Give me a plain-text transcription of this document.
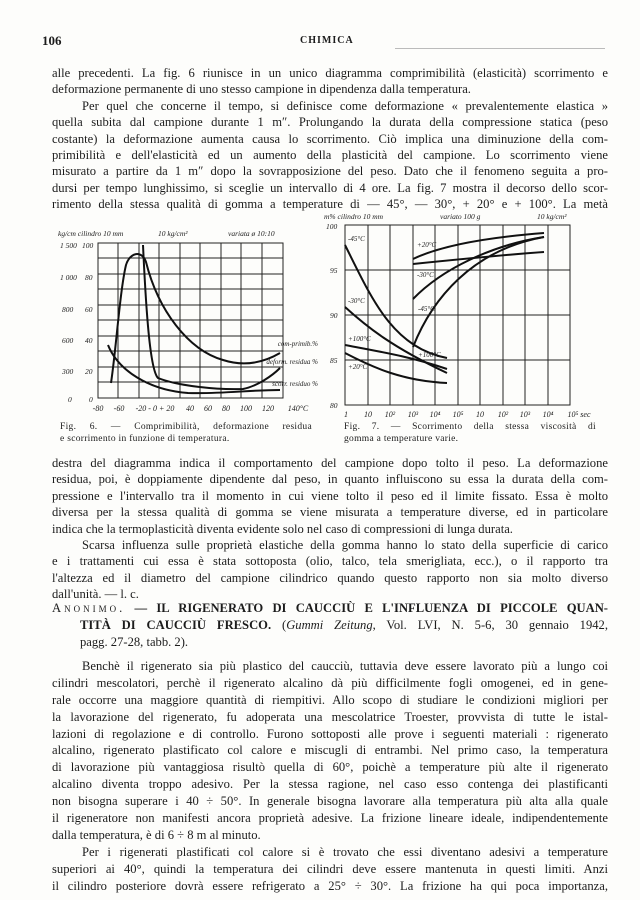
106	CHIMICA
alle precedenti. La fig. 6 riunisce in un unico diagramma comprimibilità (elasticità) scorrimento e
deformazione permanente di uno stesso campione in dipendenza dalla temperatura.
Per quel che concerne il tempo, si definisce come deformazione « prevalentemente elastica »
quella subita dal campione durante 1 m″. Prolungando la durata della compressione statica (peso
costante) la deformazione aumenta causa lo scorrimento. Ciò implica una diminuzione della com-
primibilità e dell'elasticità ed un aumento della plasticità del campione. Lo scorrimento viene
misurato a partire da 1 m″ dopo la sovrapposizione del peso. Dato che il fenomeno seguita a pro-
dursi per tempo lunghissimo, si sceglie un intervallo di 4 ore. La fig. 7 mostra il decorso dello scor-
rimento della stessa qualità di gomma a temperature di — 45°, — 30°, + 20° e + 100°. La metà
kg/cm cilindro 10 mm	10 kg/cm²	variata ø 10:10
1 500
1 000
800
600
300
0
100
80
60
40
20
0
-80 -60 -20 - 0 + 20 40 60 80 100 120 140°C
com-primib.%
deform. residua %
scorr. residuo %
Fig. 6. — Comprimibilità, deformazione residua
e scorrimento in funzione di temperatura.
m% cilindro 10 mm	variato 100 g	10 kg/cm²
100
95
90
85
80
1 10 10² 10³ 10⁴ 10⁵ 10 10² 10³ 10⁴ 10⁵ sec
-45°C
-30°C
+100°C
+20°C
+20°C
-30°C
-45°C
+100°C
Fig. 7. — Scorrimento della stessa viscosità di
gomma a temperature varie.
destra del diagramma indica il comportamento del campione dopo tolto il peso. La deformazione
residua, poi, è doppiamente dipendente dal peso, in quanto influiscono su essa la durata della com-
pressione e l'intervallo tra il momento in cui viene tolto il peso ed il limite fissato. Essa è molto
diversa per la stessa qualità di gomma se viene misurata a temperature diverse, ed in particolare
indica che la termoplasticità diventa evidente solo nel caso di compressioni di lunga durata.
Scarsa influenza sulle proprietà elastiche della gomma hanno lo stato della superficie di carico
e i trattamenti cui essa è stata sottoposta (olio, talco, tela smerigliata, ecc.), o il rapporto tra
l'altezza ed il diametro del campione cilindrico quando questo rapporto non sia molto diverso
dall'unità. — l. c.
Anonimo. — IL RIGENERATO DI CAUCCIÙ E L'INFLUENZA DI PICCOLE QUAN-
TITÀ DI CAUCCIÙ FRESCO. (Gummi Zeitung, Vol. LVI, N. 5-6, 30 gennaio 1942,
pagg. 27-28, tabb. 2).
Benchè il rigenerato sia più plastico del caucciù, tuttavia deve essere lavorato più a lungo coi
cilindri mescolatori, perchè il rigenerato alcalino dà più difficilmente fogli omogenei, ed in gene-
rale occorre una maggiore quantità di riempitivi. Allo scopo di studiare le condizioni migliori per
la lavorazione del rigenerato, fu adoperata una mescolatrice Troester, provvista di tutte le istal-
lazioni di regolazione e di controllo. Furono sottoposti alle prove i seguenti materiali : rigenerato
alcalino, rigenerato plastificato col calore e miscugli di entrambi. Nel primo caso, la temperatura
di lavorazione più vantaggiosa risultò quella di 60°, poichè a temperature più alte il rigenerato
alcalino diventa troppo adesivo. Per la stessa ragione, nel caso esso contenga dei plastificanti
non bisogna superare i 40 ÷ 50°. In generale bisogna lavorare alla temperatura più alta alla quale
il rigeneratore non manifesti ancora proprietà adesive. La frizione lineare ideale, indipendentemente
dalla temperatura, è di 6 ÷ 8 m al minuto.
Per i rigenerati plastificati col calore si è trovato che essi diventano adesivi a temperature
superiori ai 40°, quindi la temperatura dei cilindri deve essere mantenuta in questi limiti. Anzi
il cilindro posteriore dovrà essere refrigerato a 25° ÷ 30°. La frizione ha qui poca importanza,
